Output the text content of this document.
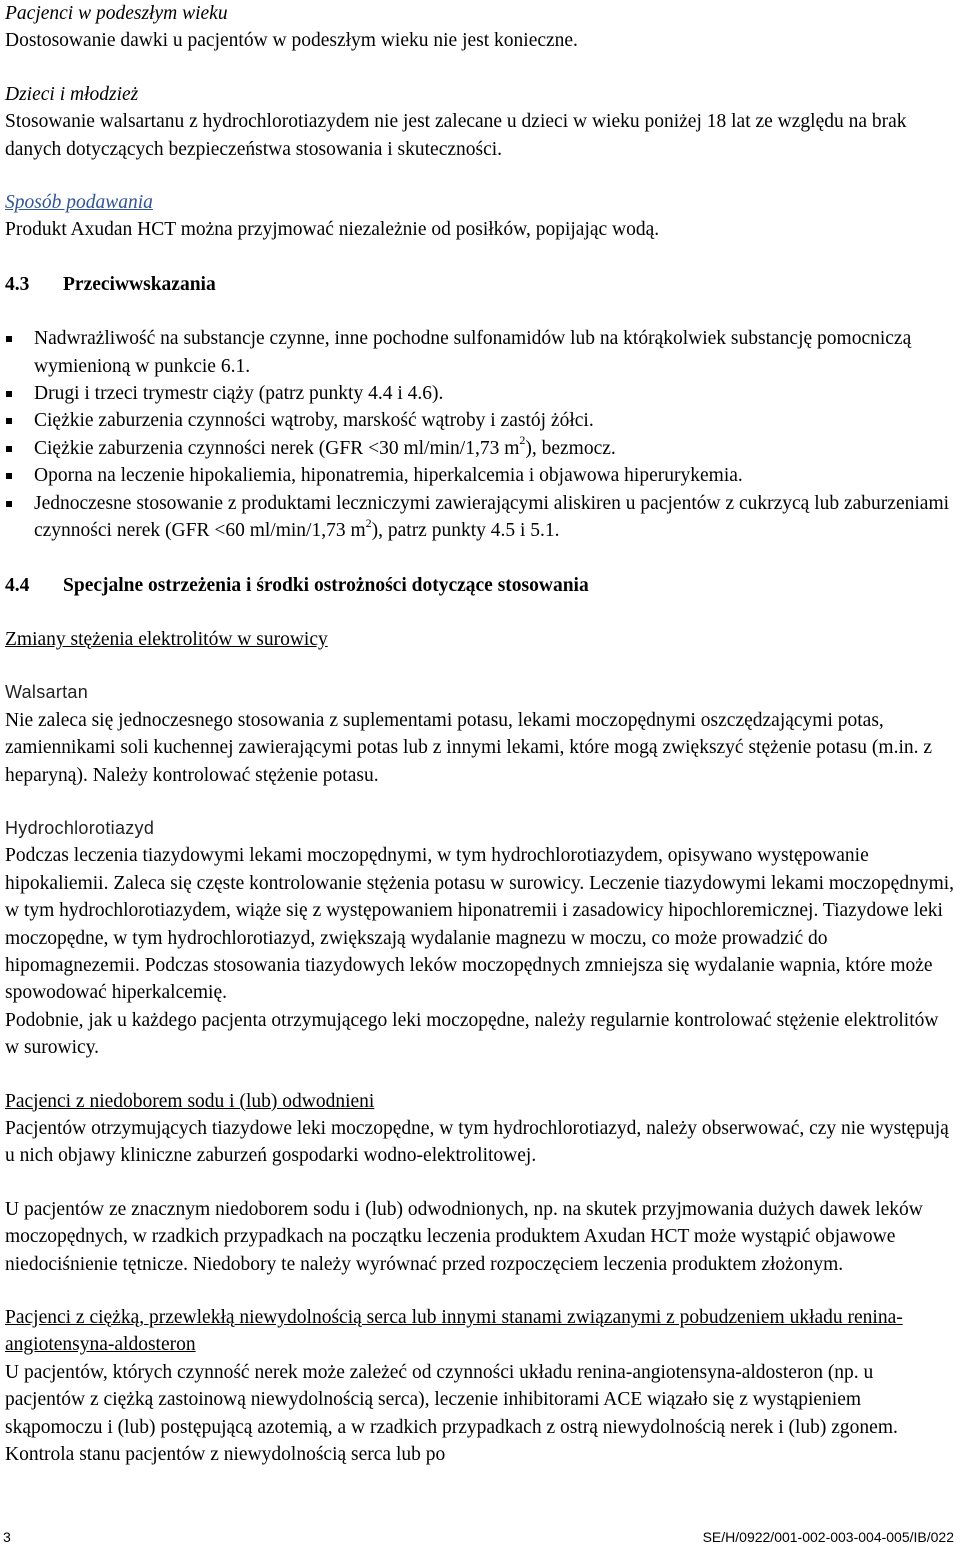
Pacjenci w podeszłym wieku

Dostosowanie dawki u pacjentów w podeszłym wieku nie jest konieczne.

Dzieci i młodzież

Stosowanie walsartanu z hydrochlorotiazydem nie jest zalecane u dzieci w wieku poniżej 18 lat ze względu na brak danych dotyczących bezpieczeństwa stosowania i skuteczności.

Sposób podawania

Produkt Axudan HCT można przyjmować niezależnie od posiłków, popijając wodą.

4.3	Przeciwwskazania
Nadwrażliwość na substancje czynne, inne pochodne sulfonamidów lub na którąkolwiek substancję pomocniczą wymienioną w punkcie 6.1.
Drugi i trzeci trymestr ciąży (patrz punkty 4.4 i 4.6).
Ciężkie zaburzenia czynności wątroby, marskość wątroby i zastój żółci.
Ciężkie zaburzenia czynności nerek (GFR <30 ml/min/1,73 $m^2$), bezmocz.
Oporna na leczenie hipokaliemia, hiponatremia, hiperkalcemia i objawowa hiperurykemia.
Jednoczesne stosowanie z produktami leczniczymi zawierającymi aliskiren u pacjentów z cukrzycą lub zaburzeniami czynności nerek (GFR <60 ml/min/1,73 $m^2$), patrz punkty 4.5 i 5.1.
4.4	Specjalne ostrzeżenia i środki ostrożności dotyczące stosowania

Zmiany stężenia elektrolitów w surowicy

Walsartan

Nie zaleca się jednoczesnego stosowania z suplementami potasu, lekami moczopędnymi oszczędzającymi potas, zamiennikami soli kuchennej zawierającymi potas lub z innymi lekami, które mogą zwiększyć stężenie potasu (m.in. z heparyną). Należy kontrolować stężenie potasu.

Hydrochlorotiazyd

Podczas leczenia tiazydowymi lekami moczopędnymi, w tym hydrochlorotiazydem, opisywano występowanie hipokaliemii. Zaleca się częste kontrolowanie stężenia potasu w surowicy. Leczenie tiazydowymi lekami moczopędnymi, w tym hydrochlorotiazydem, wiąże się z występowaniem hiponatremii i zasadowicy hipochloremicznej. Tiazydowe leki moczopędne, w tym hydrochlorotiazyd, zwiększają wydalanie magnezu w moczu, co może prowadzić do hipomagnezemii. Podczas stosowania tiazydowych leków moczopędnych zmniejsza się wydalanie wapnia, które może spowodować hiperkalcemię.

Podobnie, jak u każdego pacjenta otrzymującego leki moczopędne, należy regularnie kontrolować stężenie elektrolitów w surowicy.

Pacjenci z niedoborem sodu i (lub) odwodnieni

Pacjentów otrzymujących tiazydowe leki moczopędne, w tym hydrochlorotiazyd, należy obserwować, czy nie występują u nich objawy kliniczne zaburzeń gospodarki wodno-elektrolitowej.

U pacjentów ze znacznym niedoborem sodu i (lub) odwodnionych, np. na skutek przyjmowania dużych dawek leków moczopędnych, w rzadkich przypadkach na początku leczenia produktem Axudan HCT może wystąpić objawowe niedociśnienie tętnicze. Niedobory te należy wyrównać przed rozpoczęciem leczenia produktem złożonym.

Pacjenci z ciężką, przewlekłą niewydolnością serca lub innymi stanami związanymi z pobudzeniem układu renina-angiotensyna-aldosteron

U pacjentów, których czynność nerek może zależeć od czynności układu renina-angiotensyna-aldosteron (np. u pacjentów z ciężką zastoinową niewydolnością serca), leczenie inhibitorami ACE wiązało się z wystąpieniem skąpomoczu i (lub) postępującą azotemią, a w rzadkich przypadkach z ostrą niewydolnością nerek i (lub) zgonem. Kontrola stanu pacjentów z niewydolnością serca lub po

3	SE/H/0922/001-002-003-004-005/IB/022
